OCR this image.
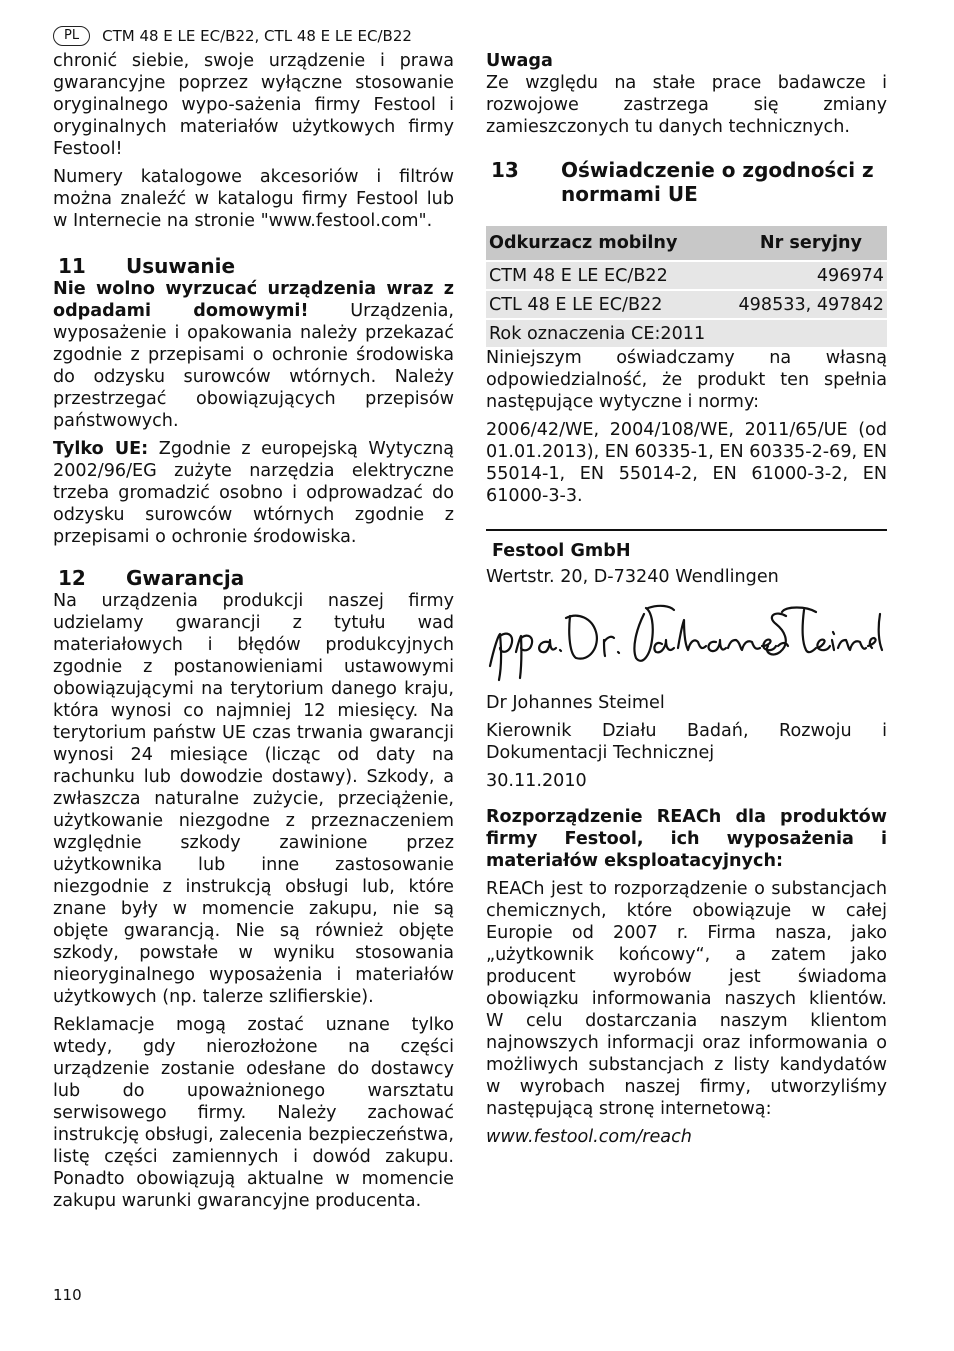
PL	CTM 48 E LE EC/B22, CTL 48 E LE EC/B22

chronić siebie, swoje urządzenie i prawa gwarancyjne poprzez wyłączne stosowanie oryginalnego wypo-sażenia firmy Festool i oryginalnych materiałów użytkowych firmy Festool!

Numery katalogowe akcesoriów i filtrów można znaleźć w katalogu firmy Festool lub w Internecie na stronie "www.festool.com".

11	Usuwanie

Nie wolno wyrzucać urządzenia wraz z odpadami domowymi! Urządzenia, wyposażenie i opakowania należy przekazać zgodnie z przepisami o ochronie środowiska do odzysku surowców wtórnych. Należy przestrzegać obowiązujących przepisów państwowych.

Tylko UE: Zgodnie z europejską Wytyczną 2002/96/EG zużyte narzędzia elektryczne trzeba gromadzić osobno i odprowadzać do odzysku surowców wtórnych zgodnie z przepisami o ochronie środowiska.

12	Gwarancja

Na urządzenia produkcji naszej firmy udzielamy gwarancji z tytułu wad materiałowych i błędów produkcyjnych zgodnie z postanowieniami ustawowymi obowiązującymi na terytorium danego kraju, która wynosi co najmniej 12 miesięcy. Na terytorium państw UE czas trwania gwarancji wynosi 24 miesiące (licząc od daty na rachunku lub dowodzie dostawy). Szkody, a zwłaszcza naturalne zużycie, przeciążenie, użytkowanie niezgodne z przeznaczeniem względnie szkody zawinione przez użytkownika lub inne zastosowanie niezgodnie z instrukcją obsługi lub, które znane były w momencie zakupu, nie są objęte gwarancją. Nie są również objęte szkody, powstałe w wyniku stosowania nieoryginalnego wyposażenia i materiałów użytkowych (np. talerze szlifierskie).

Reklamacje mogą zostać uznane tylko wtedy, gdy nierozłożone na części urządzenie zostanie odesłane do dostawcy lub do upoważnionego warsztatu serwisowego firmy. Należy zachować instrukcję obsługi, zalecenia bezpieczeństwa, listę części zamiennych i dowód zakupu. Ponadto obowiązują aktualne w momencie zakupu warunki gwarancyjne producenta.

Uwaga

Ze względu na stałe prace badawcze i rozwojowe zastrzega się zmiany zamieszczonych tu danych technicznych.

13	Oświadczenie o zgodności z normami UE
Odkurzacz mobilny	Nr seryjny
CTM 48 E LE EC/B22	496974
CTL 48 E LE EC/B22	498533, 497842
Rok oznaczenia CE:2011	

Niniejszym oświadczamy na własną odpowiedzialność, że produkt ten spełnia następujące wytyczne i normy:

2006/42/WE, 2004/108/WE, 2011/65/UE (od 01.01.2013), EN 60335-1, EN 60335-2-69, EN 55014-1, EN 55014-2, EN 61000-3-2, EN 61000-3-3.

Festool GmbH

Wertstr. 20, D-73240 Wendlingen

Dr Johannes Steimel

Kierownik Działu Badań, Rozwoju i Dokumentacji Technicznej

30.11.2010

Rozporządzenie REACh dla produktów firmy Festool, ich wyposażenia i materiałów eksploatacyjnych:

REACh jest to rozporządzenie o substancjach chemicznych, które obowiązuje w całej Europie od 2007 r. Firma nasza, jako „użytkownik końcowy“, a zatem jako producent wyrobów jest świadoma obowiązku informowania naszych klientów. W celu dostarczania naszym klientom najnowszych informacji oraz informowania o możliwych substancjach z listy kandydatów w wyrobach naszej firmy, utworzyliśmy następującą stronę internetową:

www.festool.com/reach

110
